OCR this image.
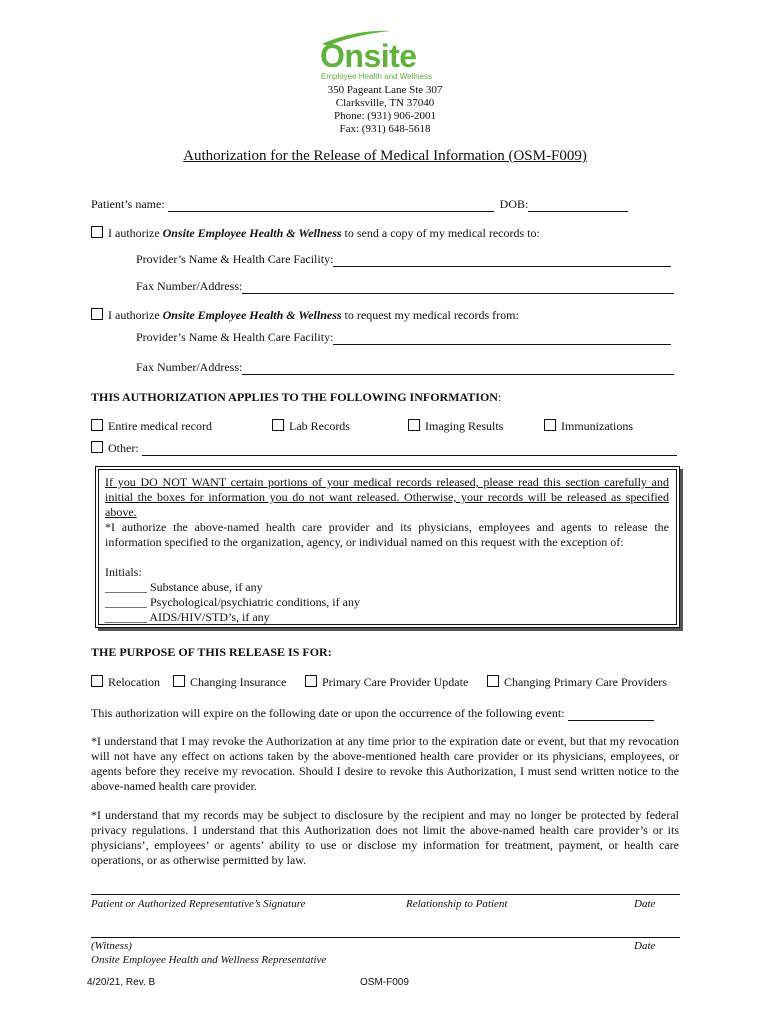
Onsite
Employee Health and Wellness
350 Pageant Lane Ste 307
Clarksville, TN 37040
Phone: (931) 906-2001
Fax: (931) 648-5618
Authorization for the Release of Medical Information (OSM-F009)
Patient’s name:	DOB:
I authorize Onsite Employee Health & Wellness to send a copy of my medical records to:
Provider’s Name & Health Care Facility:
Fax Number/Address:
I authorize Onsite Employee Health & Wellness to request my medical records from:
Provider’s Name & Health Care Facility:
Fax Number/Address:
THIS AUTHORIZATION APPLIES TO THE FOLLOWING INFORMATION:
Entire medical record	Lab Records	Imaging Results	Immunizations
Other:
If you DO NOT WANT certain portions of your medical records released, please read this section carefully and initial the boxes for information you do not want released. Otherwise, your records will be released as specified above.
*I authorize the above-named health care provider and its physicians, employees and agents to release the information specified to the organization, agency, or individual named on this request with the exception of:
Initials:
_______ Substance abuse, if any
_______ Psychological/psychiatric conditions, if any
_______ AIDS/HIV/STD’s, if any
THE PURPOSE OF THIS RELEASE IS FOR:
Relocation	Changing Insurance	Primary Care Provider Update	Changing Primary Care Providers
This authorization will expire on the following date or upon the occurrence of the following event:
*I understand that I may revoke the Authorization at any time prior to the expiration date or event, but that my revocation will not have any effect on actions taken by the above-mentioned health care provider or its physicians, employees, or agents before they receive my revocation. Should I desire to revoke this Authorization, I must send written notice to the above-named health care provider.
*I understand that my records may be subject to disclosure by the recipient and may no longer be protected by federal privacy regulations. I understand that this Authorization does not limit the above-named health care provider’s or its physicians’, employees’ or agents’ ability to use or disclose my information for treatment, payment, or health care operations, or as otherwise permitted by law.
Patient or Authorized Representative’s Signature	Relationship to Patient	Date
(Witness)
Onsite Employee Health and Wellness Representative
Date
4/20/21, Rev. B	OSM-F009
